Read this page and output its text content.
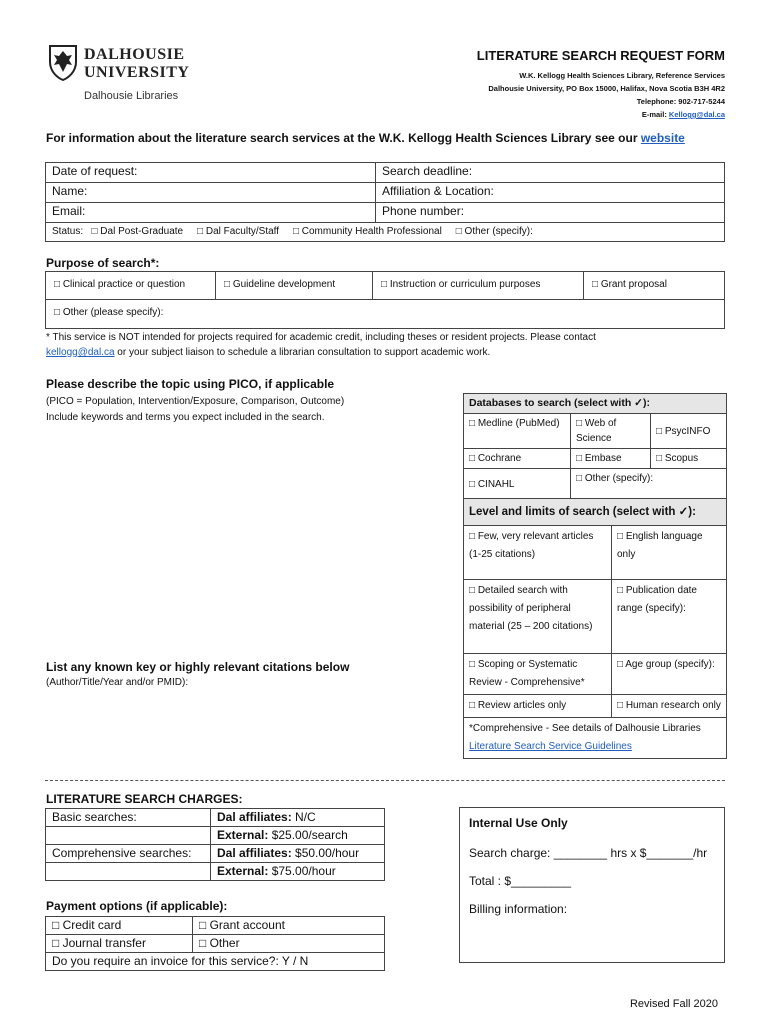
DALHOUSIE
UNIVERSITY
Dalhousie Libraries
LITERATURE SEARCH REQUEST FORM
W.K. Kellogg Health Sciences Library, Reference Services
Dalhousie University, PO Box 15000, Halifax, Nova Scotia B3H 4R2
Telephone: 902-717-5244
E-mail: Kellogg@dal.ca
For information about the literature search services at the W.K. Kellogg Health Sciences Library see our website
Date of request:	Search deadline:
Name:	Affiliation & Location:
Email:	Phone number:
Status: □ Dal Post-Graduate □ Dal Faculty/Staff □ Community Health Professional □ Other (specify):	
Purpose of search*:
□ Clinical practice or question	□ Guideline development	□ Instruction or curriculum purposes	□ Grant proposal
□ Other (please specify):
* This service is NOT intended for projects required for academic credit, including theses or resident projects. Please contact
kellogg@dal.ca or your subject liaison to schedule a librarian consultation to support academic work.
Please describe the topic using PICO, if applicable
(PICO = Population, Intervention/Exposure, Comparison, Outcome)
Include keywords and terms you expect included in the search.
Databases to search (select with ✓):		
□ Medline (PubMed)	□ Web of Science	□ PsycINFO
□ Cochrane	□ Embase	□ Scopus
□ CINAHL	□ Other (specify):	
Level and limits of search (select with ✓):	
□ Few, very relevant articles (1-25 citations)	□ English language only
□ Detailed search with possibility of peripheral material (25 – 200 citations)	□ Publication date range (specify):
□ Scoping or Systematic Review - Comprehensive*	□ Age group (specify):
□ Review articles only	□ Human research only
*Comprehensive - See details of Dalhousie Libraries Literature Search Service Guidelines	
List any known key or highly relevant citations below
(Author/Title/Year and/or PMID):
LITERATURE SEARCH CHARGES:
Basic searches:	Dal affiliates: N/C
	External: $25.00/search
Comprehensive searches:	Dal affiliates: $50.00/hour
	External: $75.00/hour
Payment options (if applicable):
□ Credit card	□ Grant account
□ Journal transfer	□ Other
Do you require an invoice for this service?: Y / N	
Internal Use Only
Search charge: ________ hrs x $_______/hr
Total : $_________
Billing information:
Revised Fall 2020
